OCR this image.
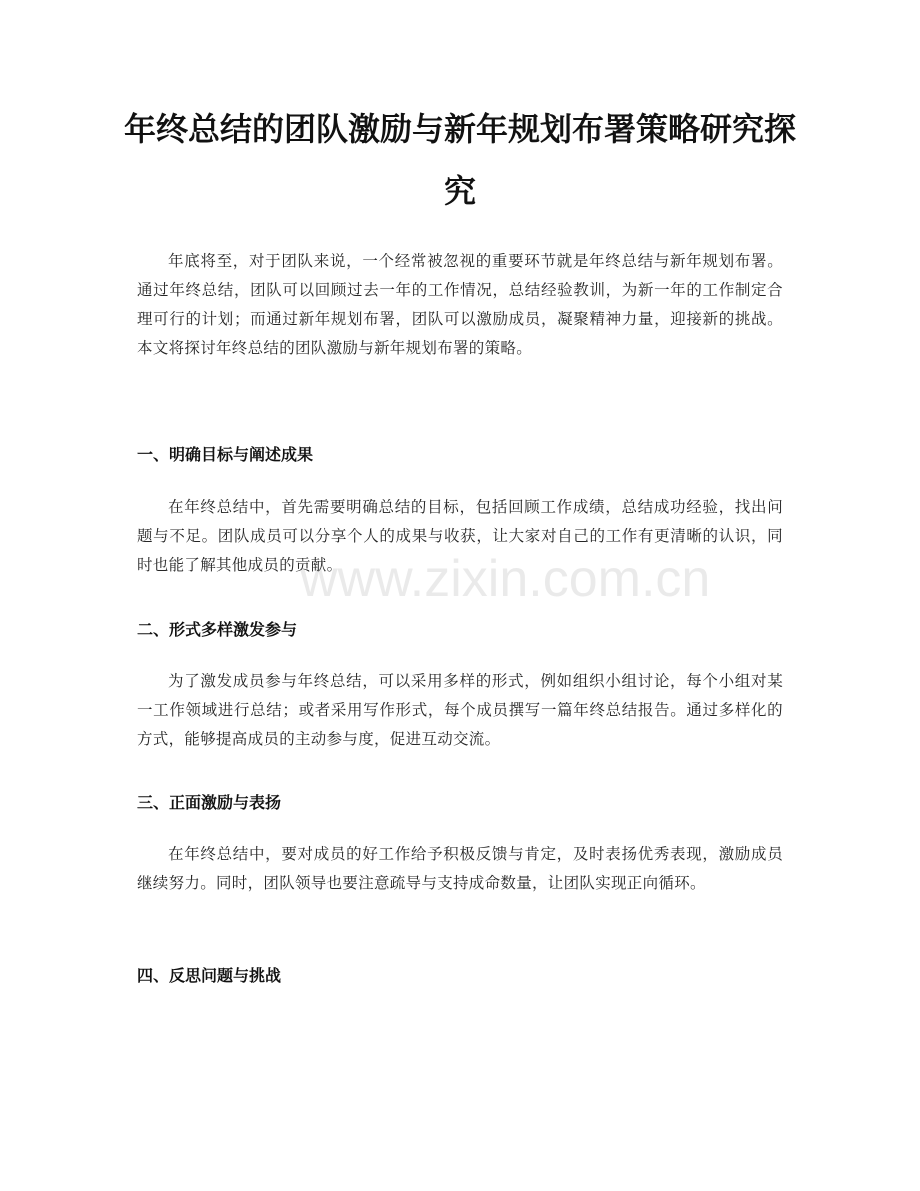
年终总结的团队激励与新年规划布署策略研究探究

年底将至，对于团队来说，一个经常被忽视的重要环节就是年终总结与新年规划布署。通过年终总结，团队可以回顾过去一年的工作情况，总结经验教训，为新一年的工作制定合理可行的计划；而通过新年规划布署，团队可以激励成员，凝聚精神力量，迎接新的挑战。本文将探讨年终总结的团队激励与新年规划布署的策略。

一、明确目标与阐述成果

在年终总结中，首先需要明确总结的目标，包括回顾工作成绩，总结成功经验，找出问题与不足。团队成员可以分享个人的成果与收获，让大家对自己的工作有更清晰的认识，同时也能了解其他成员的贡献。

二、形式多样激发参与

为了激发成员参与年终总结，可以采用多样的形式，例如组织小组讨论，每个小组对某一工作领域进行总结；或者采用写作形式，每个成员撰写一篇年终总结报告。通过多样化的方式，能够提高成员的主动参与度，促进互动交流。

三、正面激励与表扬

在年终总结中，要对成员的好工作给予积极反馈与肯定，及时表扬优秀表现，激励成员继续努力。同时，团队领导也要注意疏导与支持成命数量，让团队实现正向循环。

四、反思问题与挑战
www.zixin.com.cn
